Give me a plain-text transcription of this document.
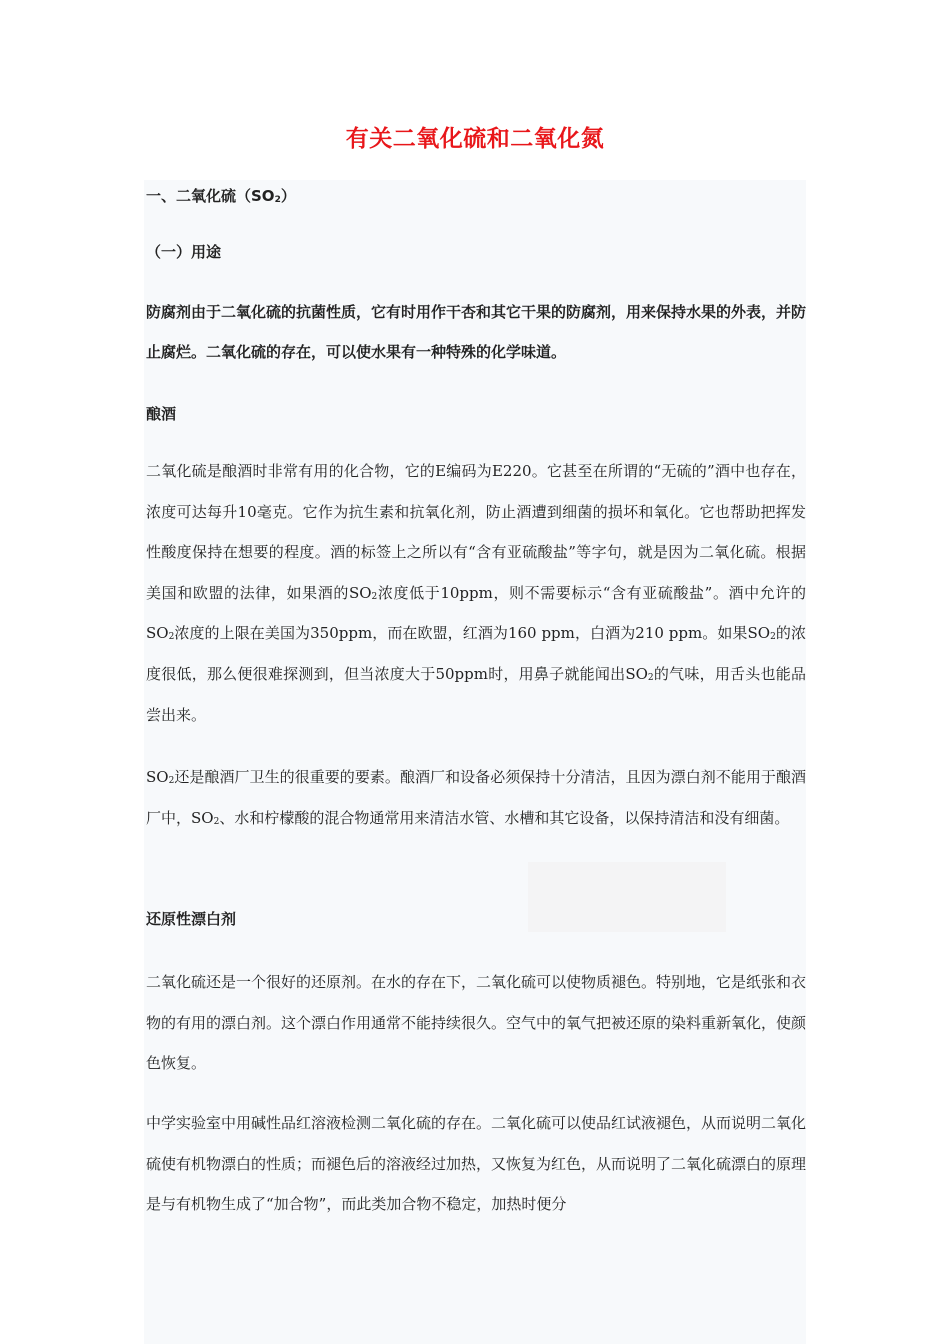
有关二氧化硫和二氧化氮

一、二氧化硫$(SO_2)$

（一）用途

防腐剂由于二氧化硫的抗菌性质，它有时用作干杏和其它干果的防腐剂，用来保持水果的外表，并防止腐烂。二氧化硫的存在，可以使水果有一种特殊的化学味道。

酿酒

二氧化硫是酿酒时非常有用的化合物，它的E编码为E220。它甚至在所谓的“无硫的”酒中也存在，浓度可达每升10毫克。它作为抗生素和抗氧化剂，防止酒遭到细菌的损坏和氧化。它也帮助把挥发性酸度保持在想要的程度。酒的标签上之所以有“含有亚硫酸盐”等字句，就是因为二氧化硫。根据美国和欧盟的法律，如果酒的$SO_2$浓度低于10ppm，则不需要标示“含有亚硫酸盐”。酒中允许的$SO_2$浓度的上限在美国为350ppm，而在欧盟，红酒为160 ppm，白酒为210 ppm。如果$SO_2$的浓度很低，那么便很难探测到，但当浓度大于50ppm时，用鼻子就能闻出$SO_2$的气味，用舌头也能品尝出来。

$SO_2$还是酿酒厂卫生的很重要的要素。酿酒厂和设备必须保持十分清洁，且因为漂白剂不能用于酿酒厂中，$SO_2$、水和柠檬酸的混合物通常用来清洁水管、水槽和其它设备，以保持清洁和没有细菌。

还原性漂白剂

二氧化硫还是一个很好的还原剂。在水的存在下，二氧化硫可以使物质褪色。特别地，它是纸张和衣物的有用的漂白剂。这个漂白作用通常不能持续很久。空气中的氧气把被还原的染料重新氧化，使颜色恢复。

中学实验室中用碱性品红溶液检测二氧化硫的存在。二氧化硫可以使品红试液褪色，从而说明二氧化硫使有机物漂白的性质；而褪色后的溶液经过加热，又恢复为红色，从而说明了二氧化硫漂白的原理是与有机物生成了“加合物”，而此类加合物不稳定，加热时便分
